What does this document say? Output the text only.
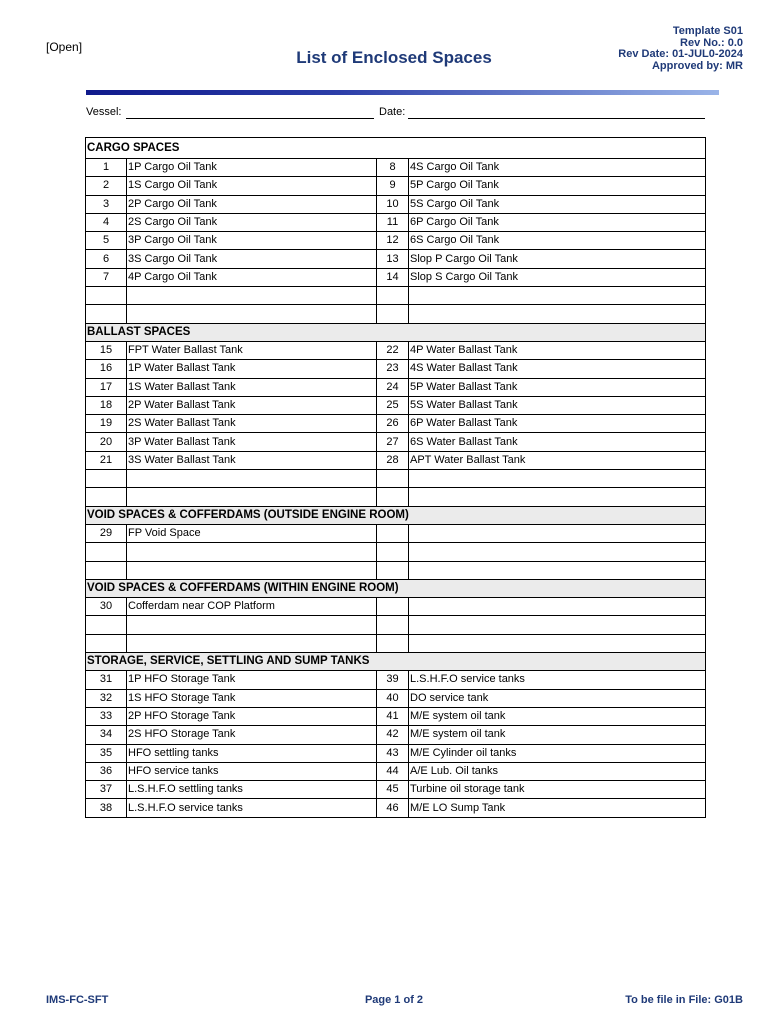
[Open]
List of Enclosed Spaces
Template S01
Rev No.: 0.0
Rev Date: 01-JUL0-2024
Approved by: MR
Vessel:	Date:
CARGO SPACES			
1	1P Cargo Oil Tank	8	4S Cargo Oil Tank
2	1S Cargo Oil Tank	9	5P Cargo Oil Tank
3	2P Cargo Oil Tank	10	5S Cargo Oil Tank
4	2S Cargo Oil Tank	11	6P Cargo Oil Tank
5	3P Cargo Oil Tank	12	6S Cargo Oil Tank
6	3S Cargo Oil Tank	13	Slop P Cargo Oil Tank
7	4P Cargo Oil Tank	14	Slop S Cargo Oil Tank

BALLAST SPACES			
15	FPT Water Ballast Tank	22	4P Water Ballast Tank
16	1P Water Ballast Tank	23	4S Water Ballast Tank
17	1S Water Ballast Tank	24	5P Water Ballast Tank
18	2P Water Ballast Tank	25	5S Water Ballast Tank
19	2S Water Ballast Tank	26	6P Water Ballast Tank
20	3P Water Ballast Tank	27	6S Water Ballast Tank
21	3S Water Ballast Tank	28	APT Water Ballast Tank

VOID SPACES & COFFERDAMS (OUTSIDE ENGINE ROOM)			
29	FP Void Space		

VOID SPACES & COFFERDAMS (WITHIN ENGINE ROOM)			
30	Cofferdam near COP Platform		

STORAGE, SERVICE, SETTLING AND SUMP TANKS			
31	1P HFO Storage Tank	39	L.S.H.F.O service tanks
32	1S HFO Storage Tank	40	DO service tank
33	2P HFO Storage Tank	41	M/E system oil tank
34	2S HFO Storage Tank	42	M/E system oil tank
35	HFO settling tanks	43	M/E Cylinder oil tanks
36	HFO service tanks	44	A/E Lub. Oil tanks
37	L.S.H.F.O settling tanks	45	Turbine oil storage tank
38	L.S.H.F.O service tanks	46	M/E LO Sump Tank
IMS-FC-SFT	Page 1 of 2	To be file in File: G01B
